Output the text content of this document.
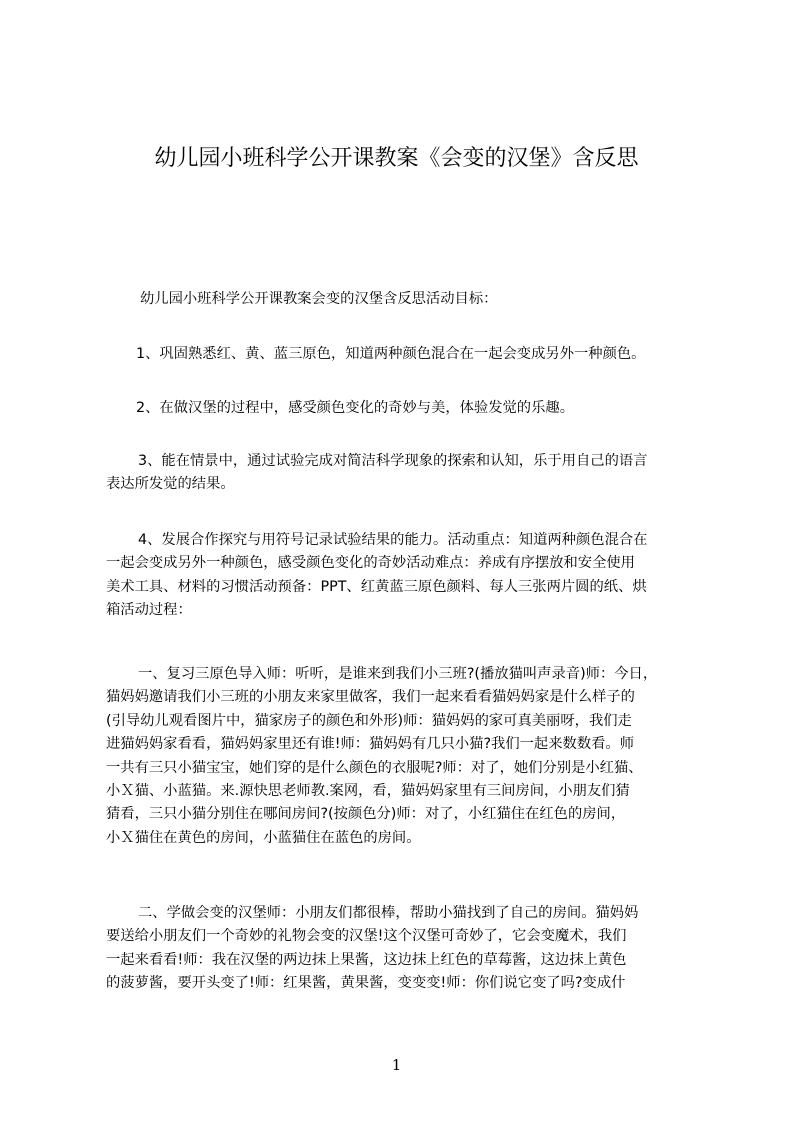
幼儿园小班科学公开课教案《会变的汉堡》含反思

幼儿园小班科学公开课教案会变的汉堡含反思活动目标：

1、巩固熟悉红、黄、蓝三原色，知道两种颜色混合在一起会变成另外一种颜色。

2、在做汉堡的过程中，感受颜色变化的奇妙与美，体验发觉的乐趣。

3、能在情景中，通过试验完成对简洁科学现象的探索和认知，乐于用自己的语言
表达所发觉的结果。

4、发展合作探究与用符号记录试验结果的能力。活动重点：知道两种颜色混合在
一起会变成另外一种颜色，感受颜色变化的奇妙活动难点：养成有序摆放和安全使用
美术工具、材料的习惯活动预备：PPT、红黄蓝三原色颜料、每人三张两片圆的纸、烘
箱活动过程：

一、复习三原色导入师：听听，是谁来到我们小三班?(播放猫叫声录音)师：今日，
猫妈妈邀请我们小三班的小朋友来家里做客，我们一起来看看猫妈妈家是什么样子的
(引导幼儿观看图片中，猫家房子的颜色和外形)师：猫妈妈的家可真美丽呀，我们走
进猫妈妈家看看，猫妈妈家里还有谁!师：猫妈妈有几只小猫?我们一起来数数看。师
一共有三只小猫宝宝，她们穿的是什么颜色的衣服呢?师：对了，她们分别是小红猫、
小Ｘ猫、小蓝猫。来.源快思老师教.案网，看，猫妈妈家里有三间房间，小朋友们猜
猜看，三只小猫分别住在哪间房间?(按颜色分)师：对了，小红猫住在红色的房间，
小Ｘ猫住在黄色的房间，小蓝猫住在蓝色的房间。

二、学做会变的汉堡师：小朋友们都很棒，帮助小猫找到了自己的房间。猫妈妈
要送给小朋友们一个奇妙的礼物会变的汉堡!这个汉堡可奇妙了，它会变魔术，我们
一起来看看!师：我在汉堡的两边抹上果酱，这边抹上红色的草莓酱，这边抹上黄色
的菠萝酱，要开头变了!师：红果酱，黄果酱，变变变!师：你们说它变了吗?变成什

1
